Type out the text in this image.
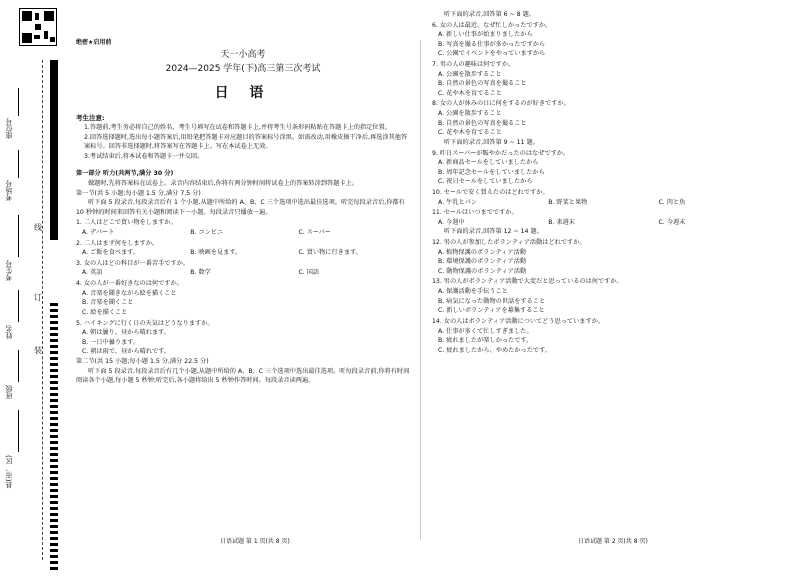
座位号
考场号
考生号
姓名
班级
县(市、区)
线
订
装
绝密★启用前
天一小高考
2024—2025 学年(下)高三第三次考试
日 语
考生注意:
1.答题前,考生务必将自己的姓名、考生号填写在试卷和答题卡上,并将考生号条形码粘贴在答题卡上的指定位置。
2.回答选择题时,选出每小题答案后,用铅笔把答题卡对应题目的答案标号涂黑。如需改动,用橡皮擦干净后,再选涂其他答案标号。回答非选择题时,将答案写在答题卡上。写在本试卷上无效。
3.考试结束后,将本试卷和答题卡一并交回。
第一部分 听力(共两节,满分 30 分)
做题时,先将答案标在试卷上。录音内容结束后,你将有两分钟时间将试卷上的答案转涂到答题卡上。
第一节(共 5 小题;每小题 1.5 分,满分 7.5 分)
听下面 5 段录音,每段录音后有 1 个小题,从题中所给的 A、B、C 三个选项中选出最佳选项。听完每段录音后,你都有 10 秒钟的时间来回答有关小题和阅读下一小题。每段录音只播放一遍。
1. 二人はどこで買い物をしますか。
A. デパート	B. コンビニ	C. スーパー
2. 二人はまず何をしますか。
A. ご飯を食べます。	B. 映画を見ます。	C. 買い物に行きます。
3. 女の人はどの科目が一番苦手ですか。
A. 英語	B. 数学	C. 国語
4. 女の人が一番好きなのは何ですか。
A. 音楽を聞きながら絵を描くこと
B. 音楽を聞くこと
C. 絵を描くこと
5. ハイキングに行く日の天気はどうなりますか。
A. 朝は曇り、昼から晴れます。
B. 一日中曇ります。
C. 朝は雨で、昼から晴れです。
第二节(共 15 小题;每小题 1.5 分,满分 22.5 分)
听下面 5 段录音,每段录音后有几个小题,从题中所给的 A、B、C 三个选项中选出最佳选项。听每段录音前,你将有时间阅读各个小题,每小题 5 秒钟;听完后,各小题将给出 5 秒钟作答时间。每段录音读两遍。
听下面的录音,回答第 6 ~ 8 题。
6. 女の人は最近、なぜ忙しかったですか。
A. 新しい仕事が始まりましたから
B. 写真を撮る仕事が多かったですから
C. 公園でイベントをやっていますから
7. 男の人の趣味は何ですか。
A. 公園を散歩すること
B. 自然の景色の写真を撮ること
C. 花や木を育てること
8. 女の人が休みの日に何をするのが好きですか。
A. 公園を散歩すること
B. 自然の景色の写真を撮ること
C. 花や木を育てること
听下面的录音,回答第 9 ~ 11 题。
9. 昨日スーパーが賑やかだったのはなぜですか。
A. 新商品セールをしていましたから
B. 周年記念セールをしていましたから
C. 祝日セールをしていましたから
10. セールで安く買えたのはどれですか。
A. 牛乳とパン	B. 野菜と果物	C. 肉と魚
11. セールはいつまでですか。
A. 今週中	B. 来週末	C. 今週末
听下面的录音,回答第 12 ~ 14 题。
12. 男の人が参加したボランティア活動はどれですか。
A. 植物保護のボランティア活動
B. 環境保護のボランティア活動
C. 動物保護のボランティア活動
13. 男の人がボランティア活動で大変だと思っているのは何ですか。
A. 保護活動を手伝うこと
B. 病気になった動物の世話をすること
C. 新しいボランティアを募集すること
14. 女の人はボランティア活動についてどう思っていますか。
A. 仕事が多くて忙しすぎました。
B. 疲れましたが楽しかったです。
C. 疲れましたから、やめたかったです。
日语试题 第 1 页(共 8 页)	日语试题 第 2 页(共 8 页)
